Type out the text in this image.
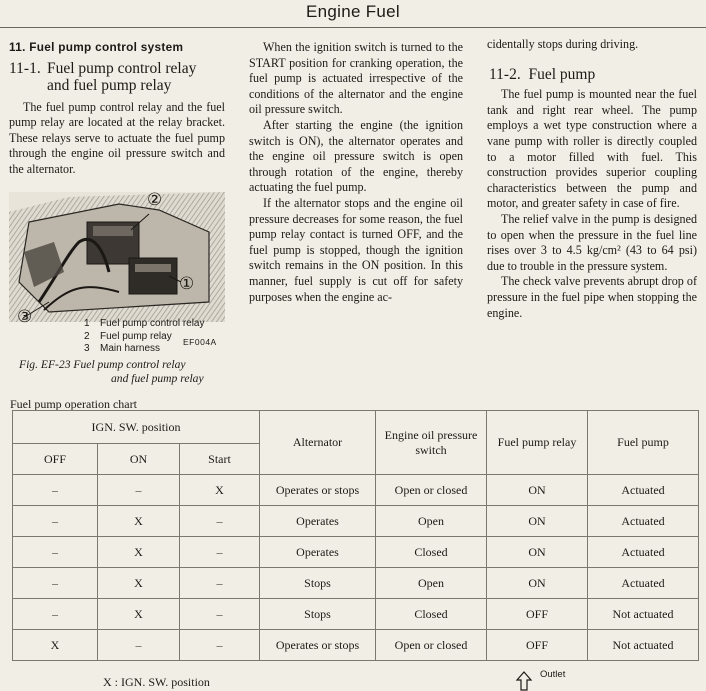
Engine Fuel
11. Fuel pump control system
11-1. Fuel pump control relay
and fuel pump relay

The fuel pump control relay and the fuel pump relay are located at the relay bracket. These relays serve to actuate the fuel pump through the engine oil pressure switch and the alternator.

②
①
③	1 Fuel pump control relay
2 Fuel pump relay
3 Main harness
EF004A
Fig. EF-23 Fuel pump control relay
and fuel pump relay

When the ignition switch is turned to the START position for cranking operation, the fuel pump is actuated irrespective of the conditions of the alternator and the engine oil pressure switch.

After starting the engine (the ignition switch is ON), the alternator operates and the engine oil pressure switch is open through rotation of the engine, thereby actuating the fuel pump.

If the alternator stops and the engine oil pressure decreases for some reason, the fuel pump relay contact is turned OFF, and the fuel pump is stopped, though the ignition switch remains in the ON position. In this manner, fuel supply is cut off for safety purposes when the engine ac-

cidentally stops during driving.

11-2. Fuel pump

The fuel pump is mounted near the fuel tank and right rear wheel. The pump employs a wet type construction where a vane pump with roller is directly coupled to a motor filled with fuel. This construction provides superior coupling characteristics between the pump and motor, and greater safety in case of fire.

The relief valve in the pump is designed to open when the pressure in the fuel line rises over 3 to 4.5 kg/cm² (43 to 64 psi) due to trouble in the pressure system.

The check valve prevents abrupt drop of pressure in the fuel pipe when stopping the engine.

Fuel pump operation chart
IGN. SW. position			Alternator	Engine oil pressure switch	Fuel pump relay	Fuel pump
OFF	ON	Start				
–	–	X	Operates or stops	Open or closed	ON	Actuated
–	X	–	Operates	Open	ON	Actuated
–	X	–	Operates	Closed	ON	Actuated
–	X	–	Stops	Open	ON	Actuated
–	X	–	Stops	Closed	OFF	Not actuated
X	–	–	Operates or stops	Open or closed	OFF	Not actuated
X : IGN. SW. position
Outlet
